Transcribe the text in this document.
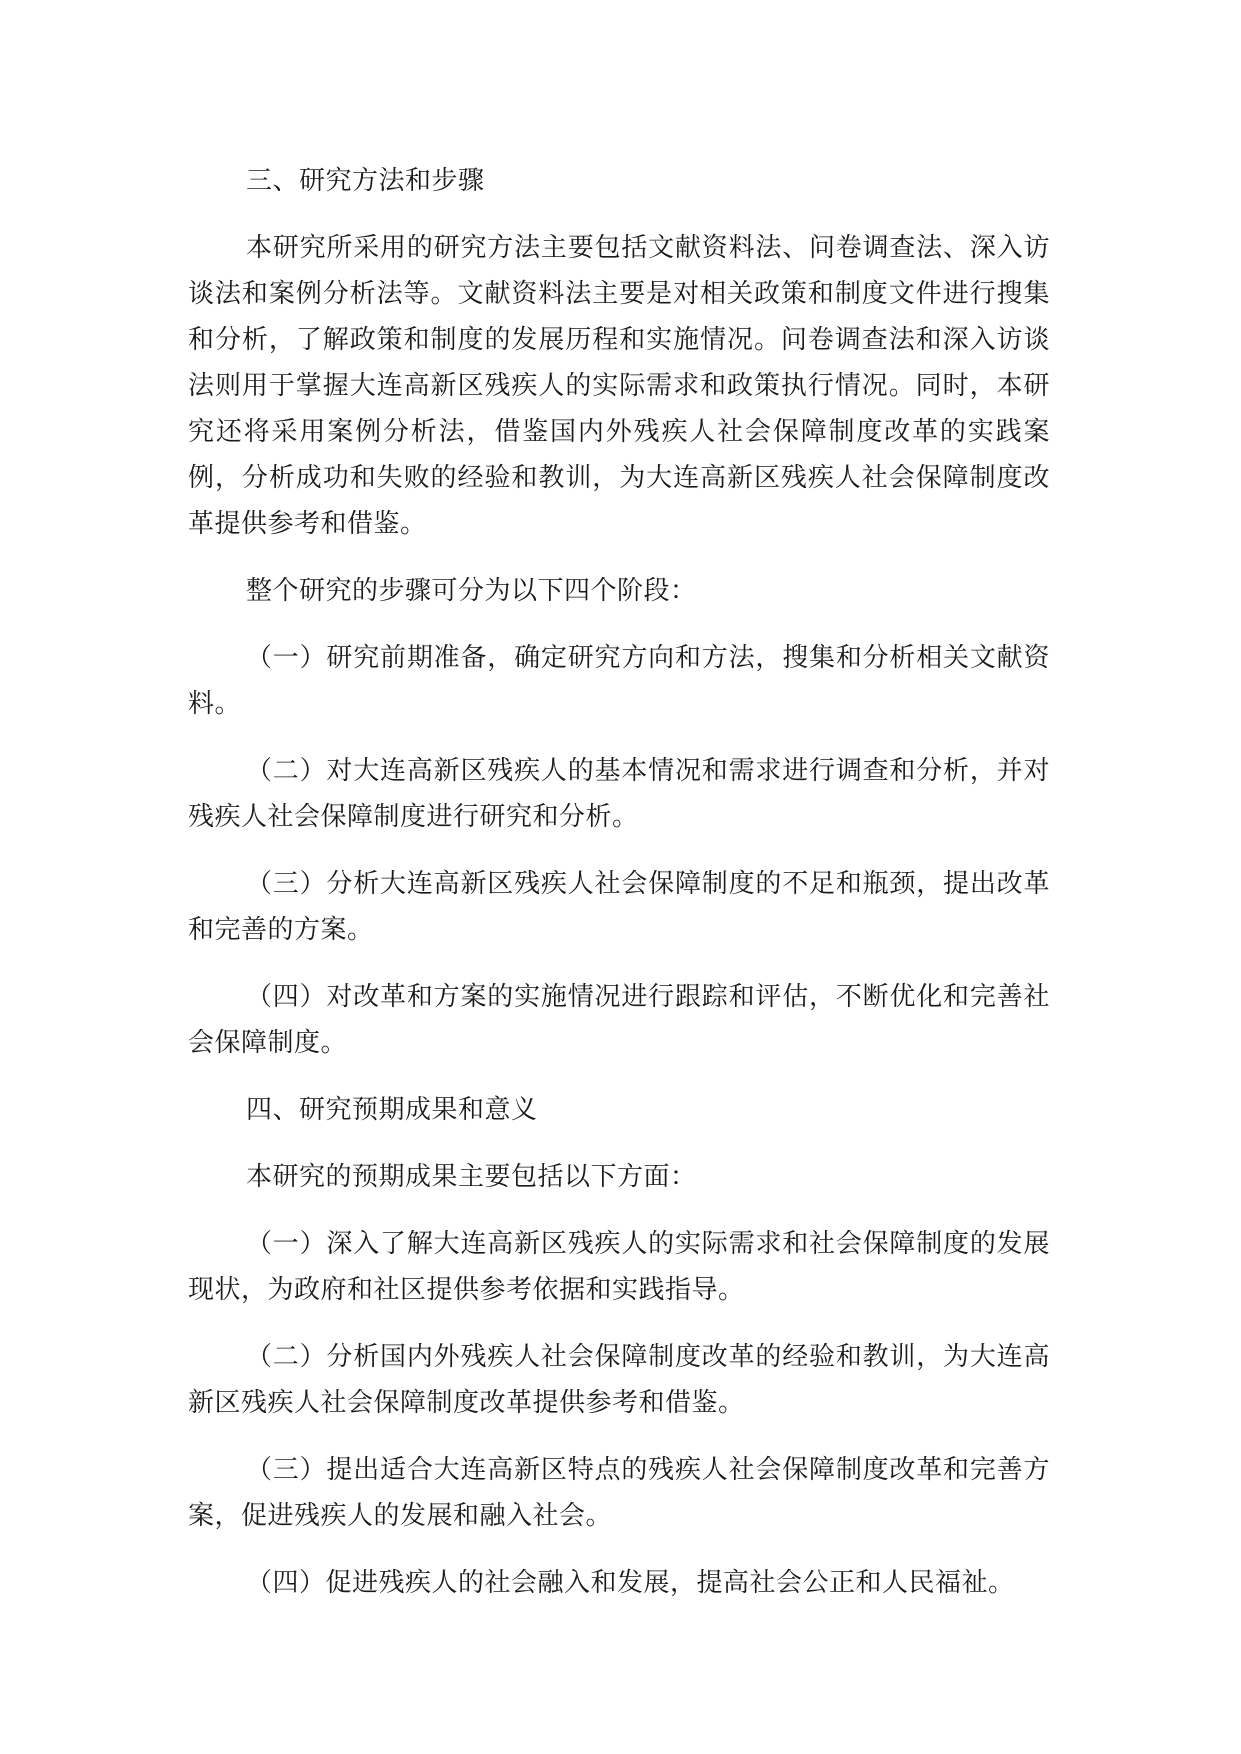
三、研究方法和步骤

本研究所采用的研究方法主要包括文献资料法、问卷调查法、深入访谈法和案例分析法等。文献资料法主要是对相关政策和制度文件进行搜集和分析，了解政策和制度的发展历程和实施情况。问卷调查法和深入访谈法则用于掌握大连高新区残疾人的实际需求和政策执行情况。同时，本研究还将采用案例分析法，借鉴国内外残疾人社会保障制度改革的实践案例，分析成功和失败的经验和教训，为大连高新区残疾人社会保障制度改革提供参考和借鉴。

整个研究的步骤可分为以下四个阶段：

（一）研究前期准备，确定研究方向和方法，搜集和分析相关文献资料。

（二）对大连高新区残疾人的基本情况和需求进行调查和分析，并对残疾人社会保障制度进行研究和分析。

（三）分析大连高新区残疾人社会保障制度的不足和瓶颈，提出改革和完善的方案。

（四）对改革和方案的实施情况进行跟踪和评估，不断优化和完善社会保障制度。

四、研究预期成果和意义

本研究的预期成果主要包括以下方面：

（一）深入了解大连高新区残疾人的实际需求和社会保障制度的发展现状，为政府和社区提供参考依据和实践指导。

（二）分析国内外残疾人社会保障制度改革的经验和教训，为大连高新区残疾人社会保障制度改革提供参考和借鉴。

（三）提出适合大连高新区特点的残疾人社会保障制度改革和完善方案，促进残疾人的发展和融入社会。

（四）促进残疾人的社会融入和发展，提高社会公正和人民福祉。
